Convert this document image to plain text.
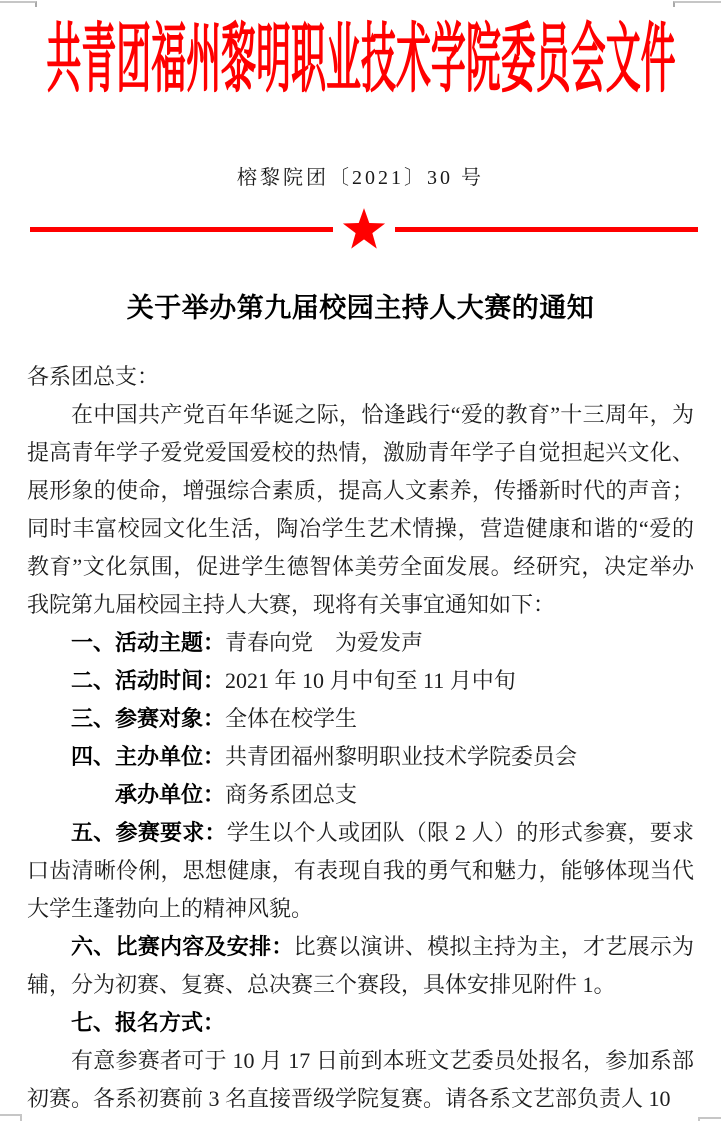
共青团福州黎明职业技术学院委员会文件
榕黎院团〔2021〕30 号
关于举办第九届校园主持人大赛的通知

各系团总支：

在中国共产党百年华诞之际，恰逢践行“爱的教育”十三周年，为提高青年学子爱党爱国爱校的热情，激励青年学子自觉担起兴文化、展形象的使命，增强综合素质，提高人文素养，传播新时代的声音；同时丰富校园文化生活，陶冶学生艺术情操，营造健康和谐的“爱的教育”文化氛围，促进学生德智体美劳全面发展。经研究，决定举办我院第九届校园主持人大赛，现将有关事宜通知如下：

一、活动主题：青春向党　为爱发声

二、活动时间：2021 年 10 月中旬至 11 月中旬

三、参赛对象：全体在校学生

四、主办单位：共青团福州黎明职业技术学院委员会

承办单位：商务系团总支

五、参赛要求：学生以个人或团队（限 2 人）的形式参赛，要求口齿清晰伶俐，思想健康，有表现自我的勇气和魅力，能够体现当代大学生蓬勃向上的精神风貌。

六、比赛内容及安排：比赛以演讲、模拟主持为主，才艺展示为辅，分为初赛、复赛、总决赛三个赛段，具体安排见附件 1。

七、报名方式：

有意参赛者可于 10 月 17 日前到本班文艺委员处报名，参加系部初赛。各系初赛前 3 名直接晋级学院复赛。请各系文艺部负责人 10
